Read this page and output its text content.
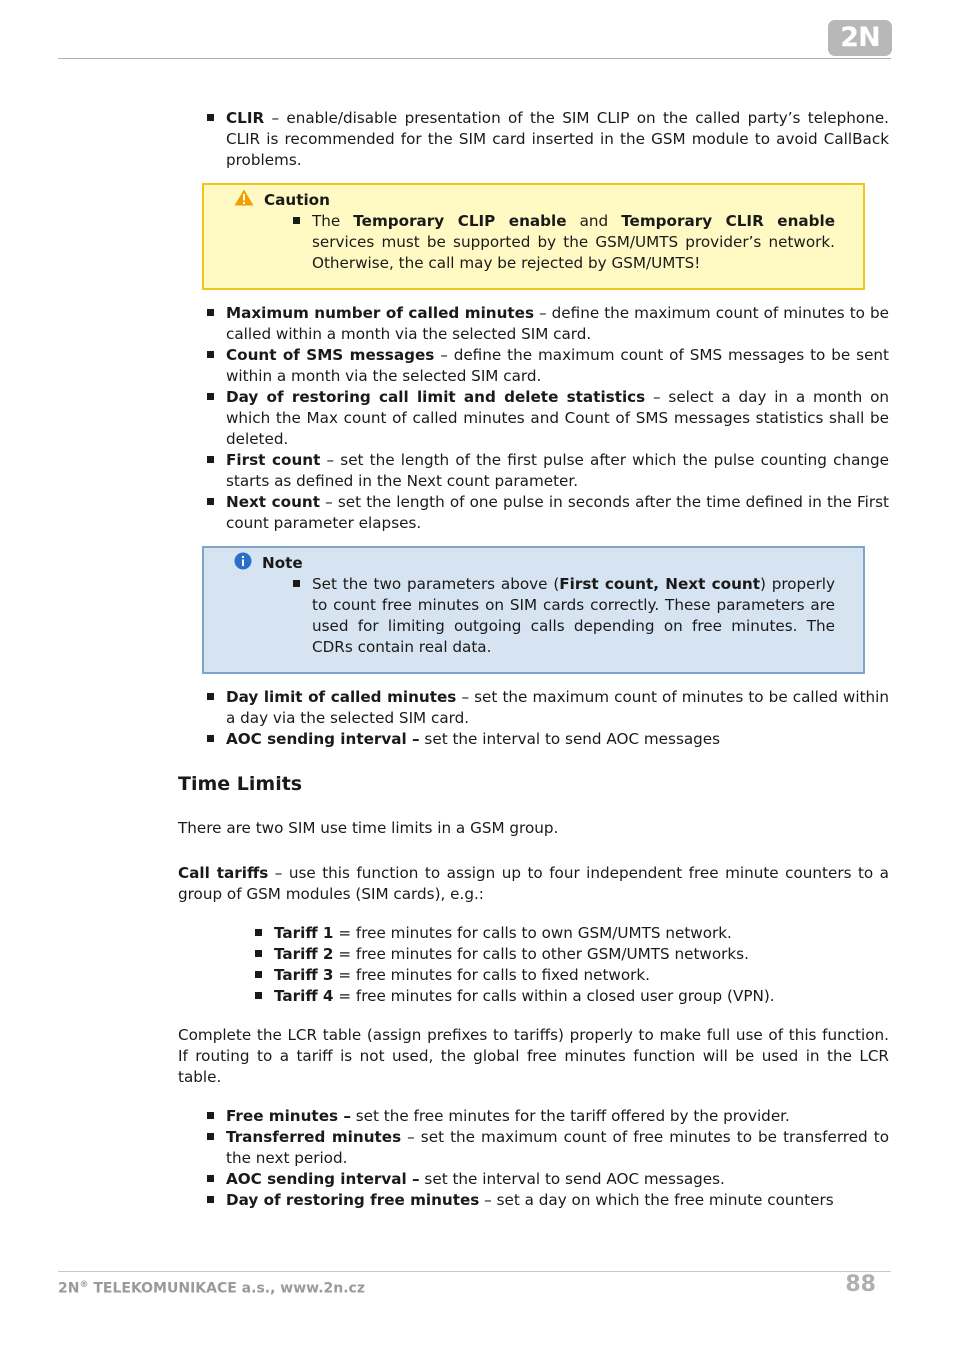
2N
CLIR – enable/disable presentation of the SIM CLIP on the called party’s telephone. CLIR is recommended for the SIM card inserted in the GSM module to avoid CallBack problems.
Caution
The Temporary CLIP enable and Temporary CLIR enable services must be supported by the GSM/UMTS provider’s network. Otherwise, the call may be rejected by GSM/UMTS!
Maximum number of called minutes – define the maximum count of minutes to be called within a month via the selected SIM card.
Count of SMS messages – define the maximum count of SMS messages to be sent within a month via the selected SIM card.
Day of restoring call limit and delete statistics – select a day in a month on which the Max count of called minutes and Count of SMS messages statistics shall be deleted.
First count – set the length of the first pulse after which the pulse counting change starts as defined in the Next count parameter.
Next count – set the length of one pulse in seconds after the time defined in the First count parameter elapses.
Note
Set the two parameters above (First count, Next count) properly to count free minutes on SIM cards correctly. These parameters are used for limiting outgoing calls depending on free minutes. The CDRs contain real data.
Day limit of called minutes – set the maximum count of minutes to be called within a day via the selected SIM card.
AOC sending interval – set the interval to send AOC messages
Time Limits

There are two SIM use time limits in a GSM group.

Call tariffs – use this function to assign up to four independent free minute counters to a group of GSM modules (SIM cards), e.g.:

Tariff 1 = free minutes for calls to own GSM/UMTS network.
Tariff 2 = free minutes for calls to other GSM/UMTS networks.
Tariff 3 = free minutes for calls to fixed network.
Tariff 4 = free minutes for calls within a closed user group (VPN).

Complete the LCR table (assign prefixes to tariffs) properly to make full use of this function. If routing to a tariff is not used, the global free minutes function will be used in the LCR table.

Free minutes – set the free minutes for the tariff offered by the provider.
Transferred minutes – set the maximum count of free minutes to be transferred to the next period.
AOC sending interval – set the interval to send AOC messages.
Day of restoring free minutes – set a day on which the free minute counters
2N® TELEKOMUNIKACE a.s., www.2n.cz	88
